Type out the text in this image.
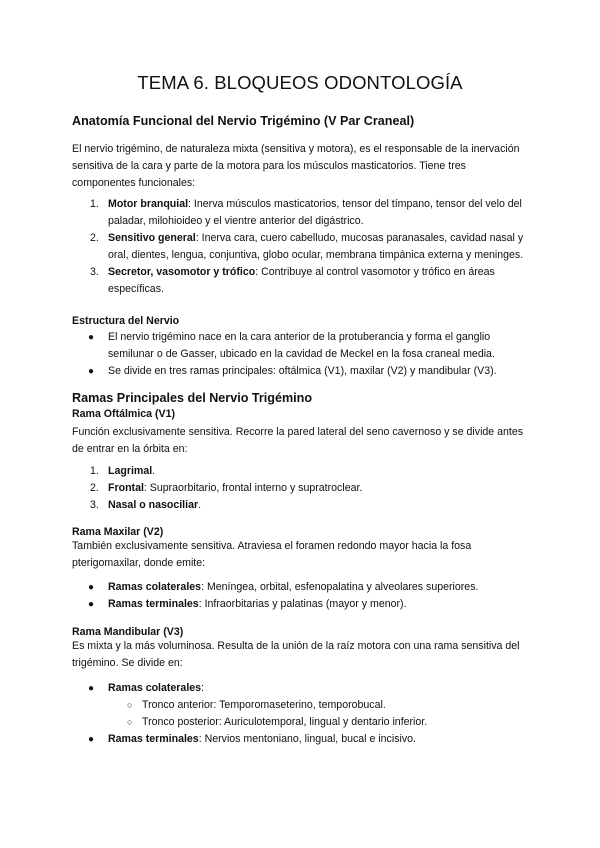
TEMA 6. BLOQUEOS ODONTOLOGÍA
Anatomía Funcional del Nervio Trigémino (V Par Craneal)

El nervio trigémino, de naturaleza mixta (sensitiva y motora), es el responsable de la inervación sensitiva de la cara y parte de la motora para los músculos masticatorios. Tiene tres componentes funcionales:

1. Motor branquial: Inerva músculos masticatorios, tensor del tímpano, tensor del velo del paladar, milohioideo y el vientre anterior del digástrico.
2. Sensitivo general: Inerva cara, cuero cabelludo, mucosas paranasales, cavidad nasal y oral, dientes, lengua, conjuntiva, globo ocular, membrana timpánica externa y meninges.
3. Secretor, vasomotor y trófico: Contribuye al control vasomotor y trófico en áreas específicas.
Estructura del Nervio
● El nervio trigémino nace en la cara anterior de la protuberancia y forma el ganglio semilunar o de Gasser, ubicado en la cavidad de Meckel en la fosa craneal media.
● Se divide en tres ramas principales: oftálmica (V1), maxilar (V2) y mandibular (V3).
Ramas Principales del Nervio Trigémino
Rama Oftálmica (V1)

Función exclusivamente sensitiva. Recorre la pared lateral del seno cavernoso y se divide antes de entrar en la órbita en:

1. Lagrimal.
2. Frontal: Supraorbitario, frontal interno y supratroclear.
3. Nasal o nasociliar.
Rama Maxilar (V2)

También exclusivamente sensitiva. Atraviesa el foramen redondo mayor hacia la fosa pterigomaxilar, donde emite:

● Ramas colaterales: Meníngea, orbital, esfenopalatina y alveolares superiores.
● Ramas terminales: Infraorbitarias y palatinas (mayor y menor).
Rama Mandibular (V3)

Es mixta y la más voluminosa. Resulta de la unión de la raíz motora con una rama sensitiva del trigémino. Se divide en:

● Ramas colaterales:
○ Tronco anterior: Temporomaseterino, temporobucal.
○ Tronco posterior: Auriculotemporal, lingual y dentario inferior.
● Ramas terminales: Nervios mentoniano, lingual, bucal e incisivo.
